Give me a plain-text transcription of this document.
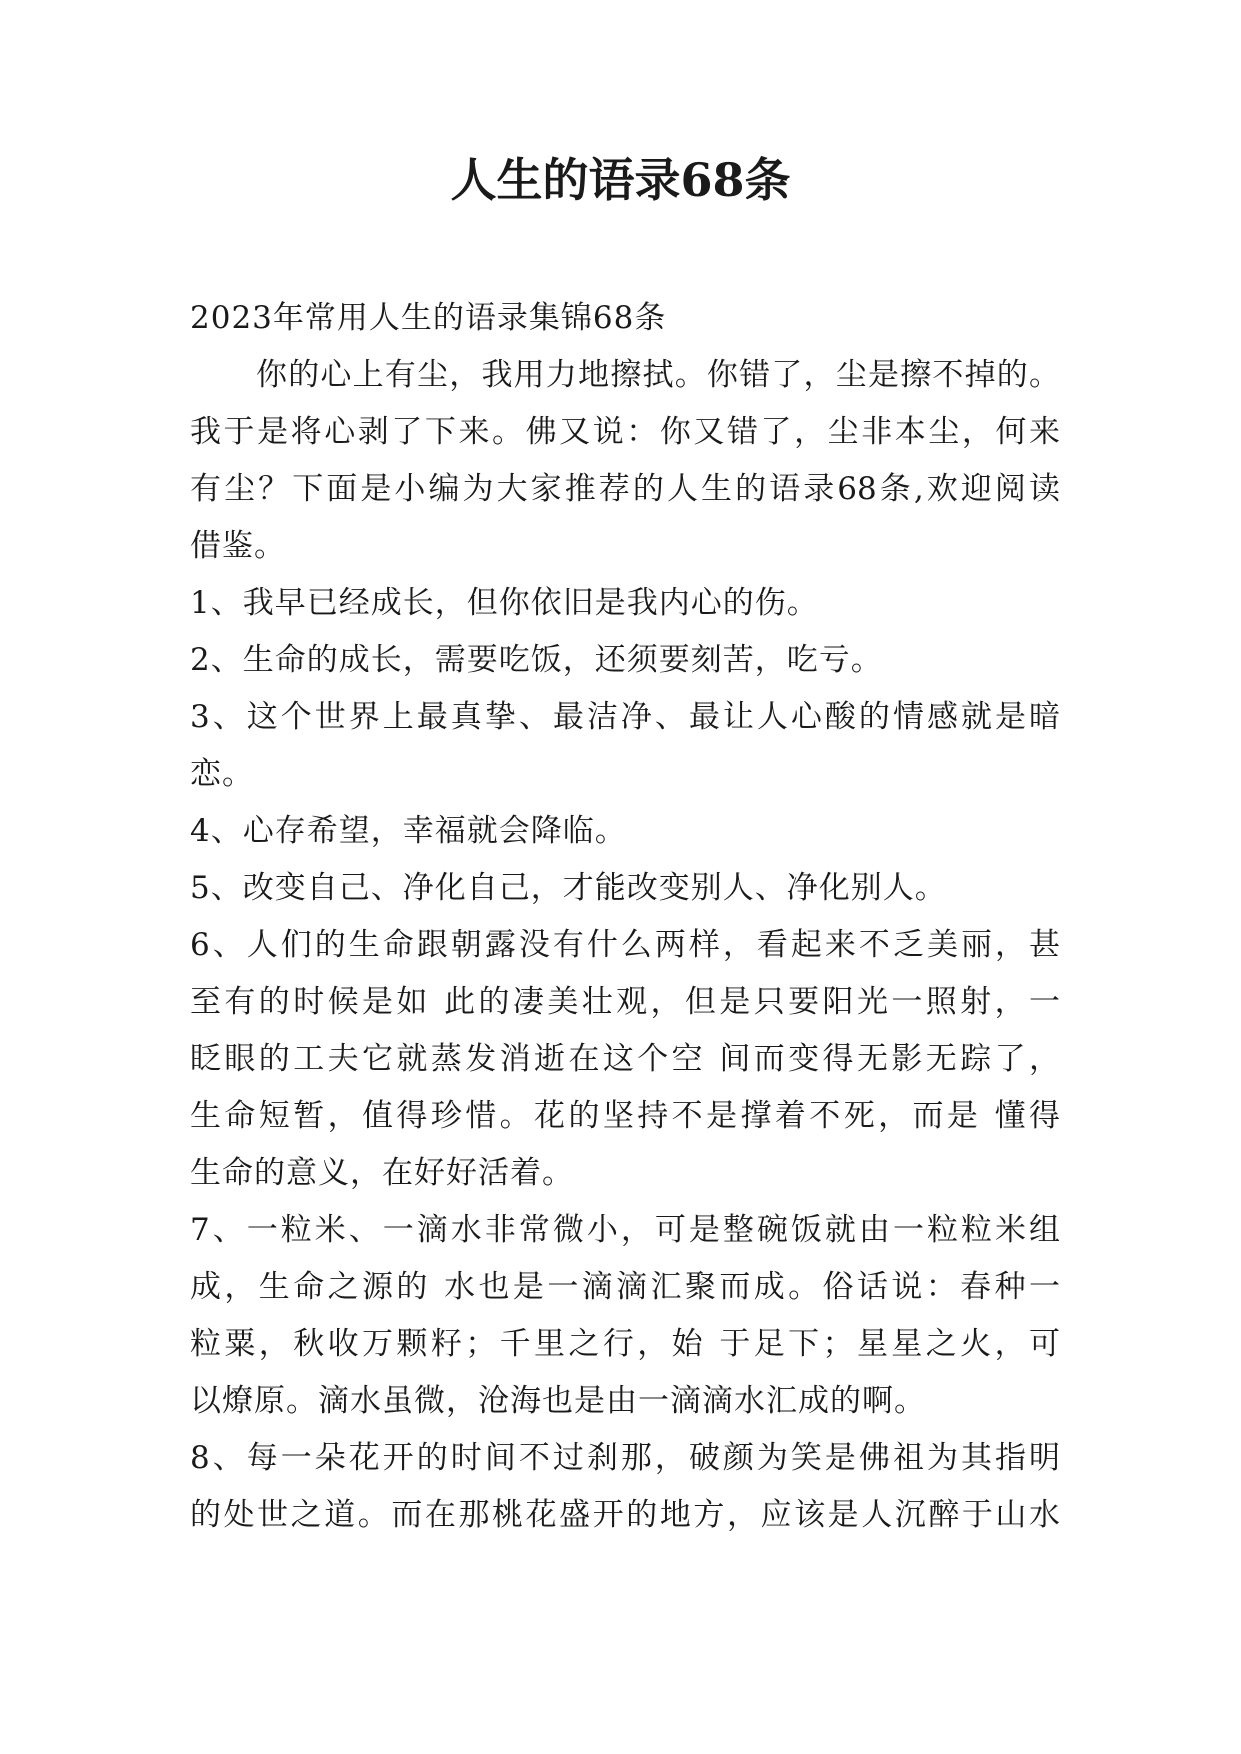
人生的语录68条
2023年常用人生的语录集锦68条
你的心上有尘，我用力地擦拭。你错了，尘是擦不掉的。
我于是将心剥了下来。佛又说：你又错了，尘非本尘，何来
有尘？下面是小编为大家推荐的人生的语录68条,欢迎阅读
借鉴。
1、我早已经成长，但你依旧是我内心的伤。
2、生命的成长，需要吃饭，还须要刻苦，吃亏。
3、这个世界上最真挚、最洁净、最让人心酸的情感就是暗
恋。
4、心存希望，幸福就会降临。
5、改变自己、净化自己，才能改变别人、净化别人。
6、人们的生命跟朝露没有什么两样，看起来不乏美丽，甚
至有的时候是如 此的凄美壮观，但是只要阳光一照射，一
眨眼的工夫它就蒸发消逝在这个空 间而变得无影无踪了，
生命短暂，值得珍惜。花的坚持不是撑着不死，而是 懂得
生命的意义，在好好活着。
7、一粒米、一滴水非常微小，可是整碗饭就由一粒粒米组
成，生命之源的 水也是一滴滴汇聚而成。俗话说：春种一
粒粟，秋收万颗籽；千里之行，始 于足下；星星之火，可
以燎原。滴水虽微，沧海也是由一滴滴水汇成的啊。
8、每一朵花开的时间不过刹那，破颜为笑是佛祖为其指明
的处世之道。而在那桃花盛开的地方，应该是人沉醉于山水
